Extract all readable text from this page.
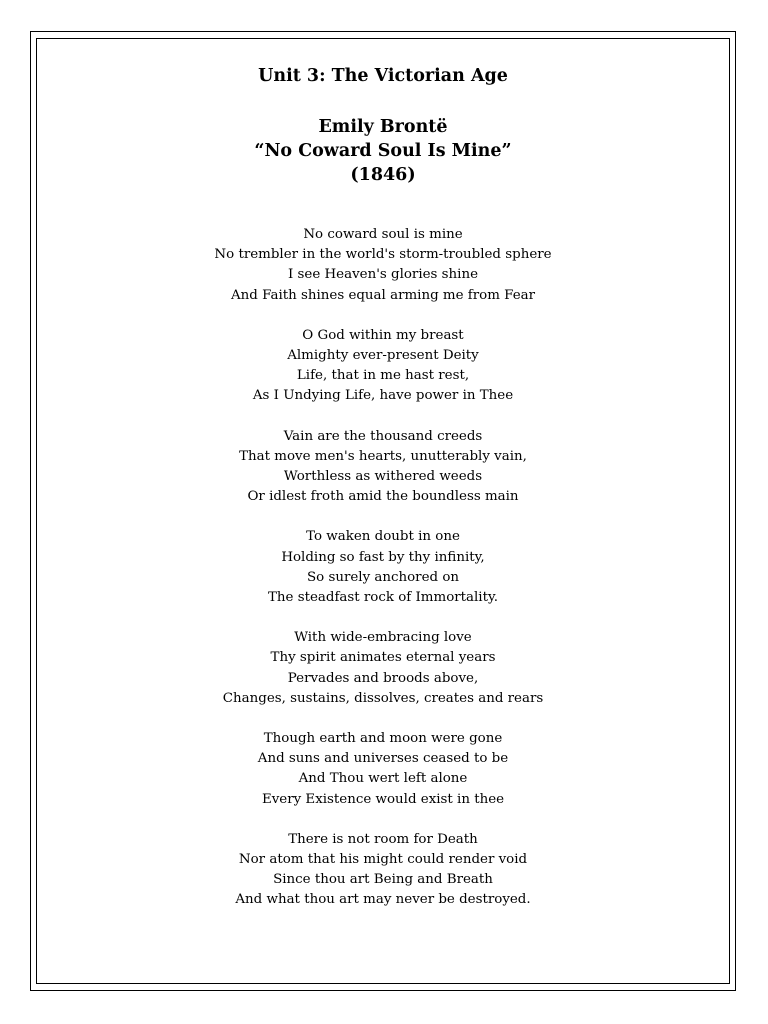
Unit 3: The Victorian Age
Emily Brontë
“No Coward Soul Is Mine”
(1846)
No coward soul is mine
No trembler in the world's storm-troubled sphere
I see Heaven's glories shine
And Faith shines equal arming me from Fear
O God within my breast
Almighty ever-present Deity
Life, that in me hast rest,
As I Undying Life, have power in Thee
Vain are the thousand creeds
That move men's hearts, unutterably vain,
Worthless as withered weeds
Or idlest froth amid the boundless main
To waken doubt in one
Holding so fast by thy infinity,
So surely anchored on
The steadfast rock of Immortality.
With wide-embracing love
Thy spirit animates eternal years
Pervades and broods above,
Changes, sustains, dissolves, creates and rears
Though earth and moon were gone
And suns and universes ceased to be
And Thou wert left alone
Every Existence would exist in thee
There is not room for Death
Nor atom that his might could render void
Since thou art Being and Breath
And what thou art may never be destroyed.
